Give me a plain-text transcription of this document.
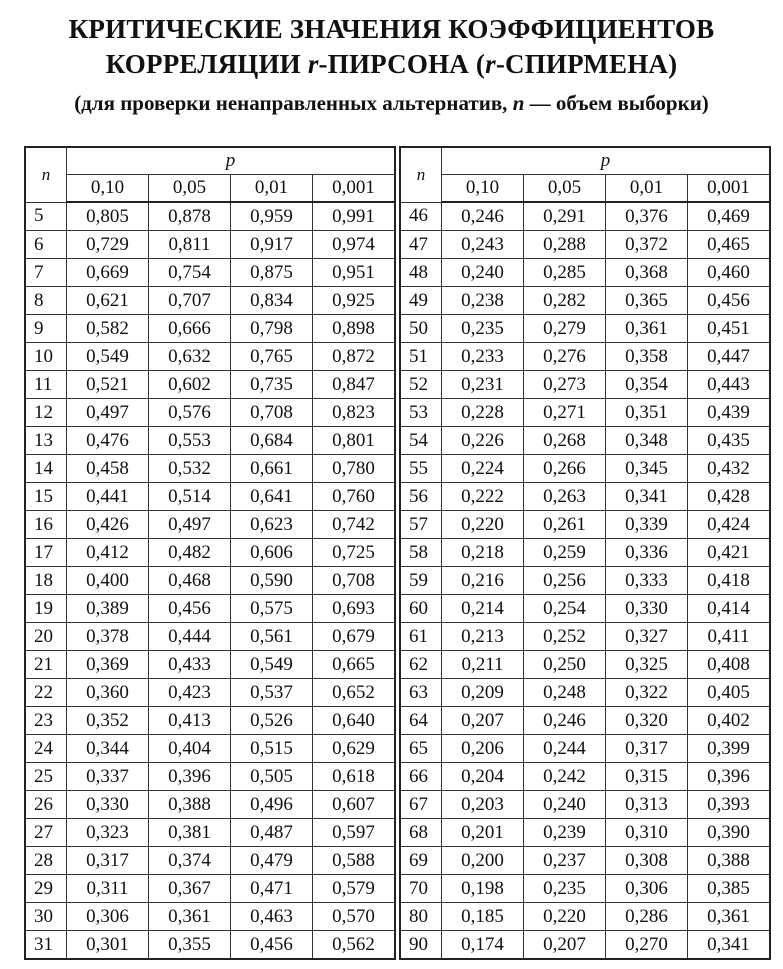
КРИТИЧЕСКИЕ ЗНАЧЕНИЯ КОЭФФИЦИЕНТОВ
КОРРЕЛЯЦИИ r-ПИРСОНА (r-СПИРМЕНА)

(для проверки ненаправленных альтернатив, n — объем выборки)

n	p			
	0,10	0,05	0,01	0,001
5	0,805	0,878	0,959	0,991
6	0,729	0,811	0,917	0,974
7	0,669	0,754	0,875	0,951
8	0,621	0,707	0,834	0,925
9	0,582	0,666	0,798	0,898
10	0,549	0,632	0,765	0,872
11	0,521	0,602	0,735	0,847
12	0,497	0,576	0,708	0,823
13	0,476	0,553	0,684	0,801
14	0,458	0,532	0,661	0,780
15	0,441	0,514	0,641	0,760
16	0,426	0,497	0,623	0,742
17	0,412	0,482	0,606	0,725
18	0,400	0,468	0,590	0,708
19	0,389	0,456	0,575	0,693
20	0,378	0,444	0,561	0,679
21	0,369	0,433	0,549	0,665
22	0,360	0,423	0,537	0,652
23	0,352	0,413	0,526	0,640
24	0,344	0,404	0,515	0,629
25	0,337	0,396	0,505	0,618
26	0,330	0,388	0,496	0,607
27	0,323	0,381	0,487	0,597
28	0,317	0,374	0,479	0,588
29	0,311	0,367	0,471	0,579
30	0,306	0,361	0,463	0,570
31	0,301	0,355	0,456	0,562
n	p			
	0,10	0,05	0,01	0,001
46	0,246	0,291	0,376	0,469
47	0,243	0,288	0,372	0,465
48	0,240	0,285	0,368	0,460
49	0,238	0,282	0,365	0,456
50	0,235	0,279	0,361	0,451
51	0,233	0,276	0,358	0,447
52	0,231	0,273	0,354	0,443
53	0,228	0,271	0,351	0,439
54	0,226	0,268	0,348	0,435
55	0,224	0,266	0,345	0,432
56	0,222	0,263	0,341	0,428
57	0,220	0,261	0,339	0,424
58	0,218	0,259	0,336	0,421
59	0,216	0,256	0,333	0,418
60	0,214	0,254	0,330	0,414
61	0,213	0,252	0,327	0,411
62	0,211	0,250	0,325	0,408
63	0,209	0,248	0,322	0,405
64	0,207	0,246	0,320	0,402
65	0,206	0,244	0,317	0,399
66	0,204	0,242	0,315	0,396
67	0,203	0,240	0,313	0,393
68	0,201	0,239	0,310	0,390
69	0,200	0,237	0,308	0,388
70	0,198	0,235	0,306	0,385
80	0,185	0,220	0,286	0,361
90	0,174	0,207	0,270	0,341
